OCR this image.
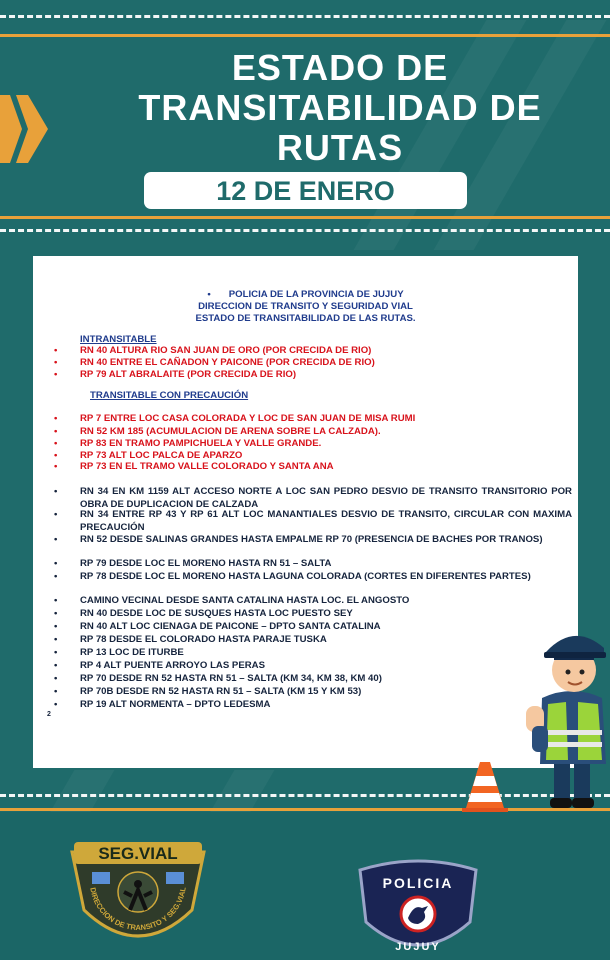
ESTADO DE
TRANSITABILIDAD DE
RUTAS
12 DE ENERO
• POLICIA DE LA PROVINCIA DE JUJUY
DIRECCION DE TRANSITO Y SEGURIDAD VIAL
ESTADO DE TRANSITABILIDAD DE LAS RUTAS.
INTRANSITABLE
• RN 40 ALTURA RIO SAN JUAN DE ORO (POR CRECIDA DE RIO)
• RN 40 ENTRE EL CAÑADON Y PAICONE (POR CRECIDA DE RIO)
• RP 79 ALT ABRALAITE (POR CRECIDA DE RIO)
TRANSITABLE CON PRECAUCIÓN
• RP 7 ENTRE LOC CASA COLORADA Y LOC DE SAN JUAN DE MISA RUMI
• RN 52 KM 185 (ACUMULACION DE ARENA SOBRE LA CALZADA).
• RP 83 EN TRAMO PAMPICHUELA Y VALLE GRANDE.
• RP 73 ALT LOC PALCA DE APARZO
• RP 73 EN EL TRAMO VALLE COLORADO Y SANTA ANA
• RN 34 EN KM 1159 ALT ACCESO NORTE A LOC SAN PEDRO DESVIO DE TRANSITO TRANSITORIO POR OBRA DE DUPLICACION DE CALZADA
• RN 34 ENTRE RP 43 Y RP 61 ALT LOC MANANTIALES DESVIO DE TRANSITO, CIRCULAR CON MAXIMA PRECAUCIÓN
• RN 52 DESDE SALINAS GRANDES HASTA EMPALME RP 70 (PRESENCIA DE BACHES POR TRANOS)
• RP 79 DESDE LOC EL MORENO HASTA RN 51 – SALTA
• RP 78 DESDE LOC EL MORENO HASTA LAGUNA COLORADA (CORTES EN DIFERENTES PARTES)
• CAMINO VECINAL DESDE SANTA CATALINA HASTA LOC. EL ANGOSTO
• RN 40 DESDE LOC DE SUSQUES HASTA LOC PUESTO SEY
• RN 40 ALT LOC CIENAGA DE PAICONE – DPTO SANTA CATALINA
• RP 78 DESDE EL COLORADO HASTA PARAJE TUSKA
• RP 13 LOC DE ITURBE
• RP 4 ALT PUENTE ARROYO LAS PERAS
• RP 70 DESDE RN 52 HASTA RN 51 – SALTA (KM 34, KM 38, KM 40)
• RP 70B DESDE RN 52 HASTA RN 51 – SALTA (KM 15 Y KM 53)
• RP 19 ALT NORMENTA – DPTO LEDESMA
2
SEG.VIAL
DIRECCION DE TRANSITO Y SEG.VIAL	POLICIA
JUJUY
